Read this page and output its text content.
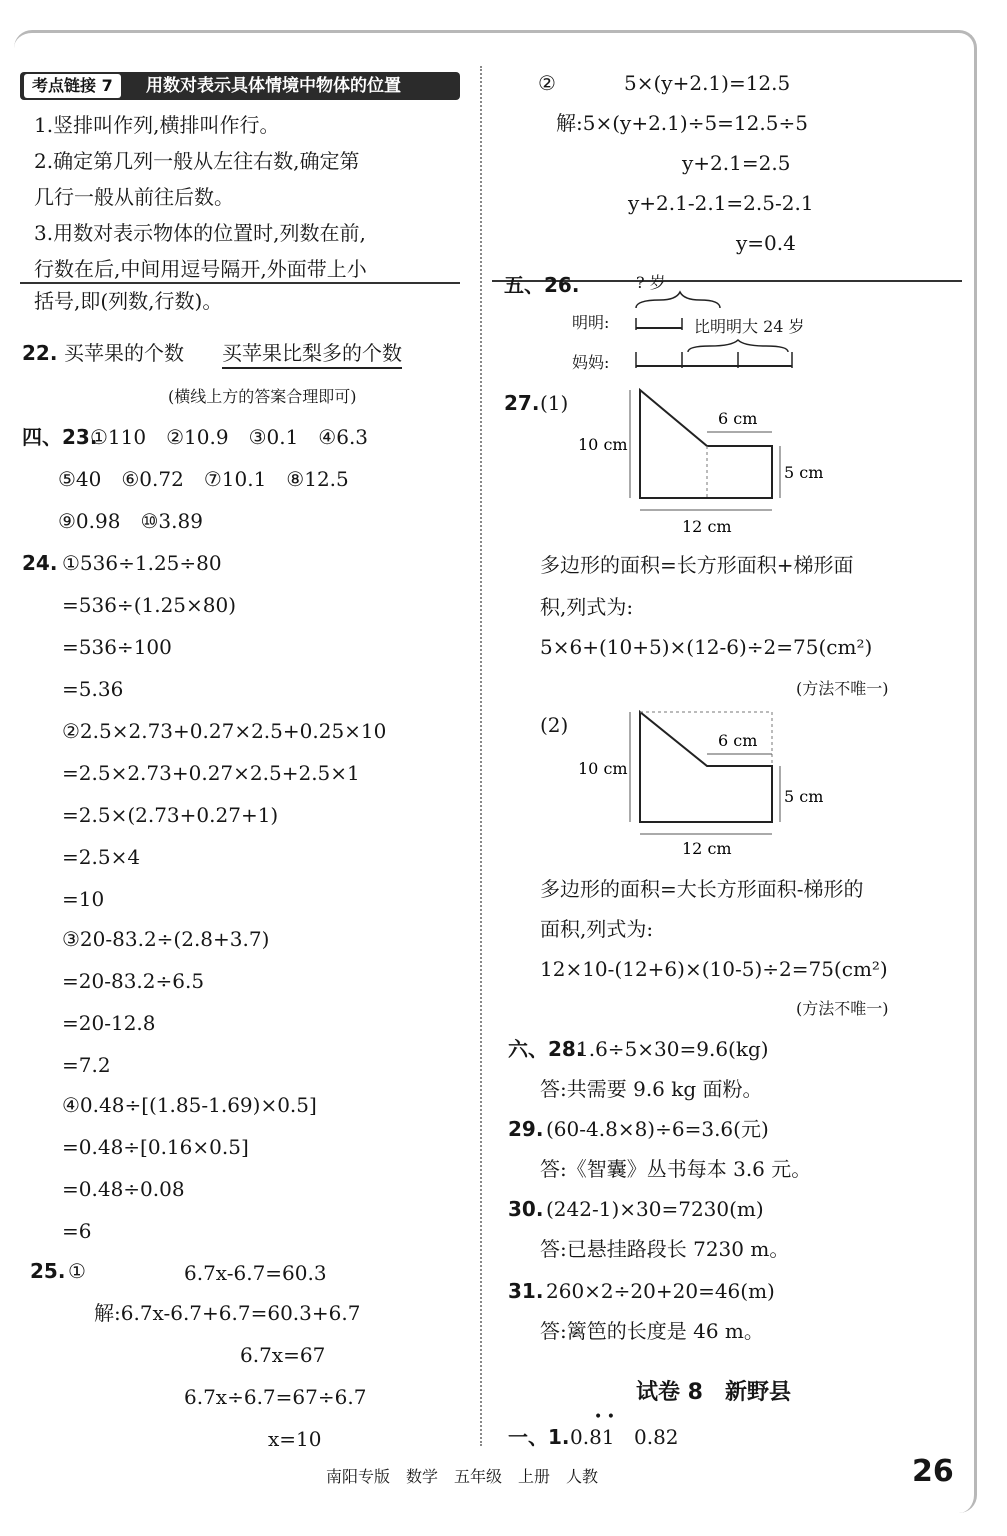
考点链接 7	用数对表示具体情境中物体的位置
1.竖排叫作列,横排叫作行。
2.确定第几列一般从左往右数,确定第
几行一般从前往后数。
3.用数对表示物体的位置时,列数在前,
行数在后,中间用逗号隔开,外面带上小
括号,即(列数,行数)。
22. 买苹果的个数 买苹果比梨多的个数
(横线上方的答案合理即可)
四、23.
①110　②10.9　③0.1　④6.3
⑤40　⑥0.72　⑦10.1　⑧12.5
⑨0.98　⑩3.89
24. ①536÷1.25÷80
=536÷(1.25×80)
=536÷100
=5.36
②2.5×2.73+0.27×2.5+0.25×10
=2.5×2.73+0.27×2.5+2.5×1
=2.5×(2.73+0.27+1)
=2.5×4
=10
③20-83.2÷(2.8+3.7)
=20-83.2÷6.5
=20-12.8
=7.2
④0.48÷[(1.85-1.69)×0.5]
=0.48÷[0.16×0.5]
=0.48÷0.08
=6
25. ①	6.7x-6.7=60.3
解:6.7x-6.7+6.7=60.3+6.7
6.7x=67
6.7x÷6.7=67÷6.7
x=10
②	5×(y+2.1)=12.5
解:5×(y+2.1)÷5=12.5÷5
y+2.1=2.5
y+2.1-2.1=2.5-2.1
y=0.4
五、26.	? 岁
明明:
妈妈:
比明明大 24 岁
27. (1)
10 cm
6 cm
5 cm
12 cm
多边形的面积=长方形面积+梯形面
积,列式为:
5×6+(10+5)×(12-6)÷2=75(cm²)
(方法不唯一)
(2)
10 cm
6 cm
5 cm
12 cm
多边形的面积=大长方形面积-梯形的
面积,列式为:
12×10-(12+6)×(10-5)÷2=75(cm²)
(方法不唯一)
六、28.
1.6÷5×30=9.6(kg)
答:共需要 9.6 kg 面粉。
29. (60-4.8×8)÷6=3.6(元)
答:《智囊》丛书每本 3.6 元。
30. (242-1)×30=7230(m)
答:已悬挂路段长 7230 m。
31. 260×2÷20+20=46(m)
答:篱笆的长度是 46 m。
试卷 8　新野县
一、1. 0.81
• •
0.82
南阳专版　数学　五年级　上册　人教	26
